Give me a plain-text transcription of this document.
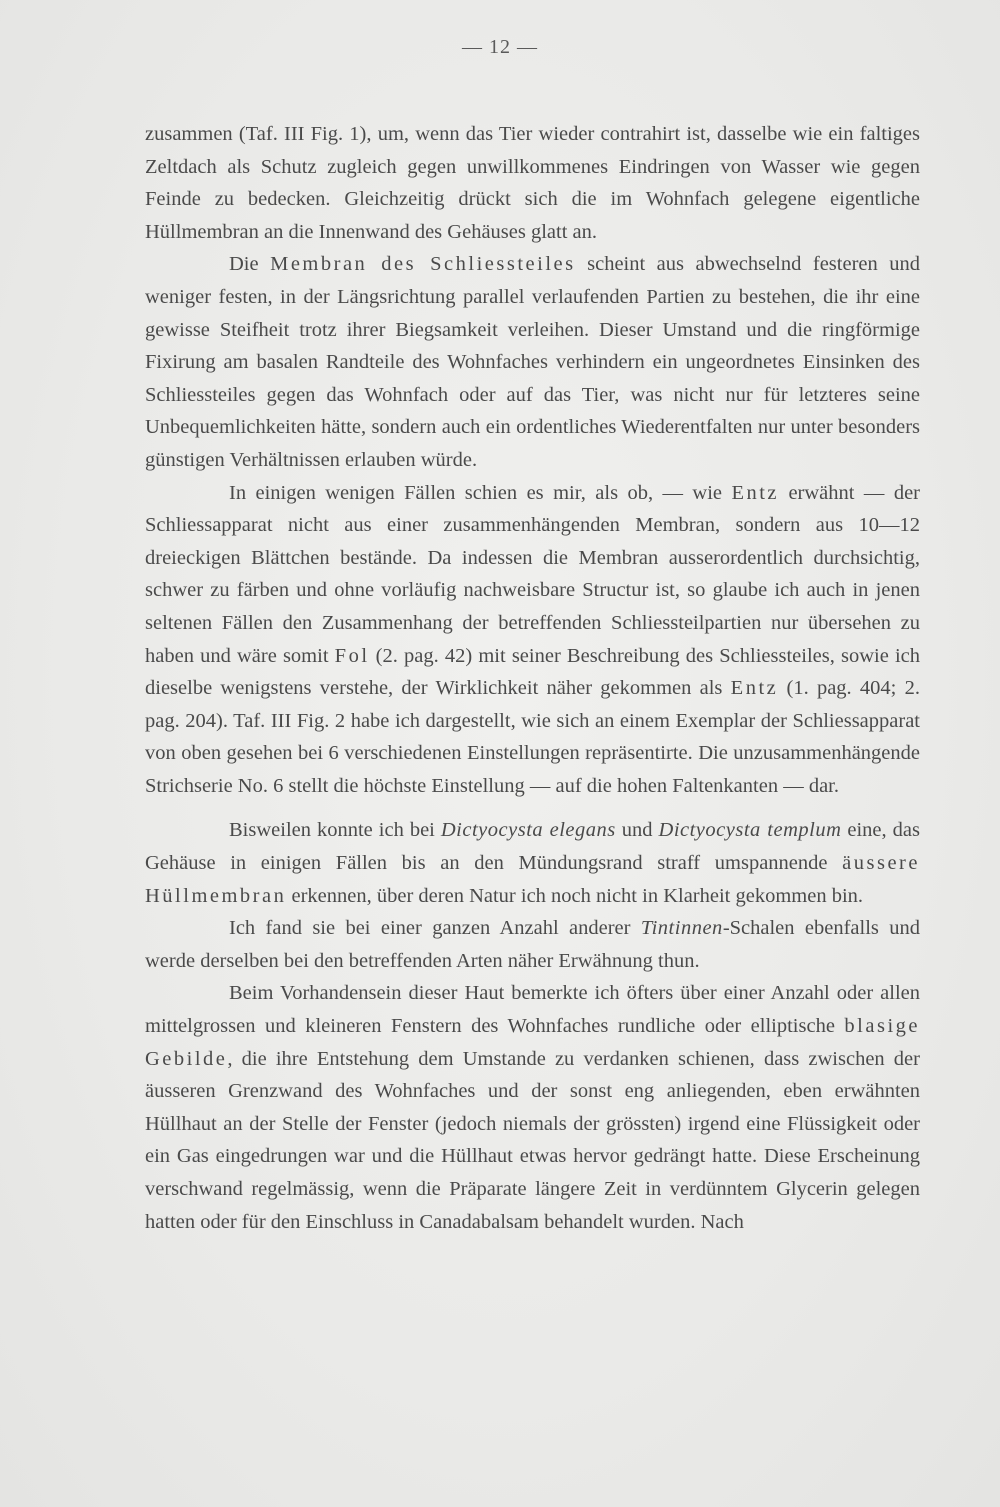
— 12 —

zusammen (Taf. III Fig. 1), um, wenn das Tier wieder contrahirt ist, dasselbe wie ein faltiges Zeltdach als Schutz zugleich gegen unwillkommenes Eindringen von Wasser wie gegen Feinde zu bedecken. Gleichzeitig drückt sich die im Wohnfach gelegene eigentliche Hüllmembran an die Innenwand des Gehäuses glatt an.

Die Membran des Schliessteiles scheint aus abwechselnd festeren und weniger festen, in der Längsrichtung parallel verlaufenden Partien zu bestehen, die ihr eine gewisse Steifheit trotz ihrer Biegsamkeit verleihen. Dieser Umstand und die ringförmige Fixirung am basalen Randteile des Wohnfaches verhindern ein ungeordnetes Einsinken des Schliessteiles gegen das Wohnfach oder auf das Tier, was nicht nur für letzteres seine Unbequemlichkeiten hätte, sondern auch ein ordentliches Wiederentfalten nur unter besonders günstigen Verhältnissen erlauben würde.

In einigen wenigen Fällen schien es mir, als ob, — wie Entz erwähnt — der Schliessapparat nicht aus einer zusammenhängenden Membran, sondern aus 10—12 dreieckigen Blättchen bestände. Da indessen die Membran ausserordentlich durchsichtig, schwer zu färben und ohne vorläufig nachweisbare Structur ist, so glaube ich auch in jenen seltenen Fällen den Zusammenhang der betreffenden Schliessteilpartien nur übersehen zu haben und wäre somit Fol (2. pag. 42) mit seiner Beschreibung des Schliessteiles, sowie ich dieselbe wenigstens verstehe, der Wirklichkeit näher gekommen als Entz (1. pag. 404; 2. pag. 204). Taf. III Fig. 2 habe ich dargestellt, wie sich an einem Exemplar der Schliessapparat von oben gesehen bei 6 verschiedenen Einstellungen repräsentirte. Die unzusammenhängende Strichserie No. 6 stellt die höchste Einstellung — auf die hohen Faltenkanten — dar.

Bisweilen konnte ich bei Dictyocysta elegans und Dictyocysta templum eine, das Gehäuse in einigen Fällen bis an den Mündungsrand straff umspannende äussere Hüllmembran erkennen, über deren Natur ich noch nicht in Klarheit gekommen bin.

Ich fand sie bei einer ganzen Anzahl anderer Tintinnen-Schalen ebenfalls und werde derselben bei den betreffenden Arten näher Erwähnung thun.

Beim Vorhandensein dieser Haut bemerkte ich öfters über einer Anzahl oder allen mittelgrossen und kleineren Fenstern des Wohnfaches rundliche oder elliptische blasige Gebilde, die ihre Entstehung dem Umstande zu verdanken schienen, dass zwischen der äusseren Grenzwand des Wohnfaches und der sonst eng anliegenden, eben erwähnten Hüllhaut an der Stelle der Fenster (jedoch niemals der grössten) irgend eine Flüssigkeit oder ein Gas eingedrungen war und die Hüllhaut etwas hervor gedrängt hatte. Diese Erscheinung verschwand regelmässig, wenn die Präparate längere Zeit in verdünntem Glycerin gelegen hatten oder für den Einschluss in Canadabalsam behandelt wurden. Nach
